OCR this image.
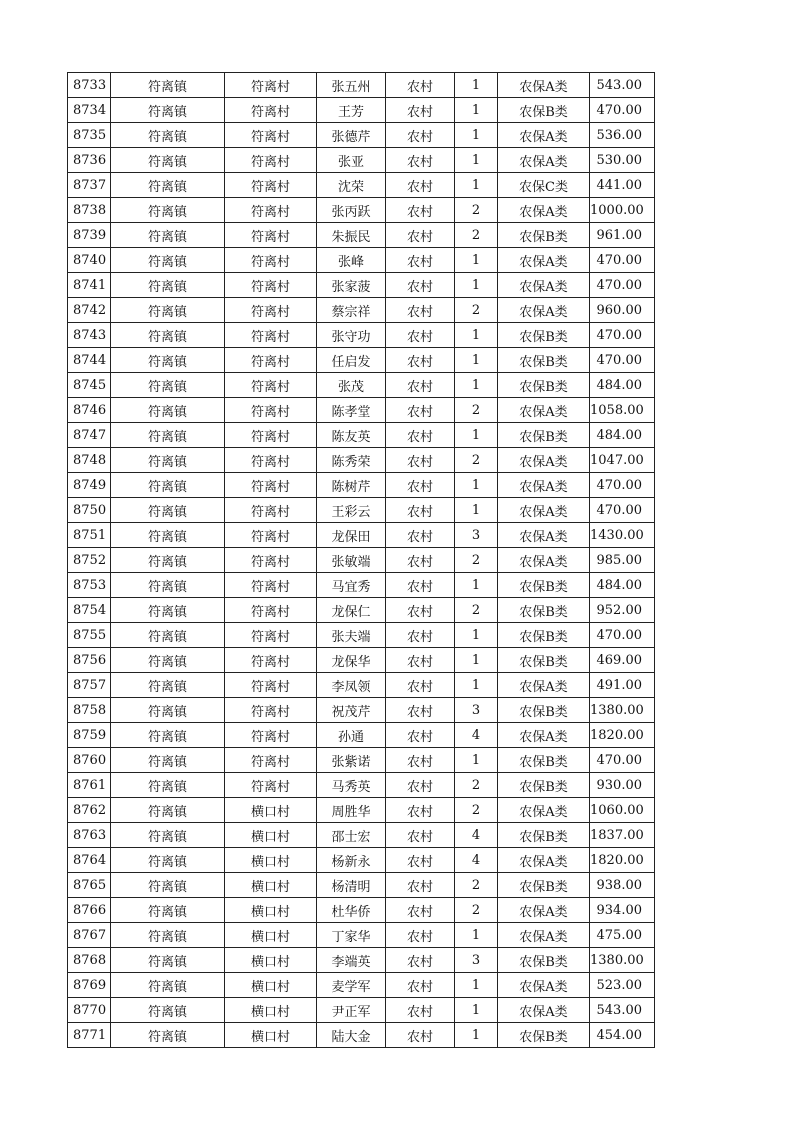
8733	符离镇	符离村	张五州	农村	1	农保A类	543.00
8734	符离镇	符离村	王芳	农村	1	农保B类	470.00
8735	符离镇	符离村	张德芹	农村	1	农保A类	536.00
8736	符离镇	符离村	张亚	农村	1	农保A类	530.00
8737	符离镇	符离村	沈荣	农村	1	农保C类	441.00
8738	符离镇	符离村	张丙跃	农村	2	农保A类	1000.00
8739	符离镇	符离村	朱振民	农村	2	农保B类	961.00
8740	符离镇	符离村	张峰	农村	1	农保A类	470.00
8741	符离镇	符离村	张家菠	农村	1	农保A类	470.00
8742	符离镇	符离村	蔡宗祥	农村	2	农保A类	960.00
8743	符离镇	符离村	张守功	农村	1	农保B类	470.00
8744	符离镇	符离村	任启发	农村	1	农保B类	470.00
8745	符离镇	符离村	张茂	农村	1	农保B类	484.00
8746	符离镇	符离村	陈孝堂	农村	2	农保A类	1058.00
8747	符离镇	符离村	陈友英	农村	1	农保B类	484.00
8748	符离镇	符离村	陈秀荣	农村	2	农保A类	1047.00
8749	符离镇	符离村	陈树芹	农村	1	农保A类	470.00
8750	符离镇	符离村	王彩云	农村	1	农保A类	470.00
8751	符离镇	符离村	龙保田	农村	3	农保A类	1430.00
8752	符离镇	符离村	张敏端	农村	2	农保A类	985.00
8753	符离镇	符离村	马宜秀	农村	1	农保B类	484.00
8754	符离镇	符离村	龙保仁	农村	2	农保B类	952.00
8755	符离镇	符离村	张夫端	农村	1	农保B类	470.00
8756	符离镇	符离村	龙保华	农村	1	农保B类	469.00
8757	符离镇	符离村	李凤领	农村	1	农保A类	491.00
8758	符离镇	符离村	祝茂芹	农村	3	农保B类	1380.00
8759	符离镇	符离村	孙通	农村	4	农保A类	1820.00
8760	符离镇	符离村	张紫诺	农村	1	农保B类	470.00
8761	符离镇	符离村	马秀英	农村	2	农保B类	930.00
8762	符离镇	横口村	周胜华	农村	2	农保A类	1060.00
8763	符离镇	横口村	邵士宏	农村	4	农保B类	1837.00
8764	符离镇	横口村	杨新永	农村	4	农保A类	1820.00
8765	符离镇	横口村	杨清明	农村	2	农保B类	938.00
8766	符离镇	横口村	杜华侨	农村	2	农保A类	934.00
8767	符离镇	横口村	丁家华	农村	1	农保A类	475.00
8768	符离镇	横口村	李端英	农村	3	农保B类	1380.00
8769	符离镇	横口村	麦学军	农村	1	农保A类	523.00
8770	符离镇	横口村	尹正军	农村	1	农保A类	543.00
8771	符离镇	横口村	陆大金	农村	1	农保B类	454.00
